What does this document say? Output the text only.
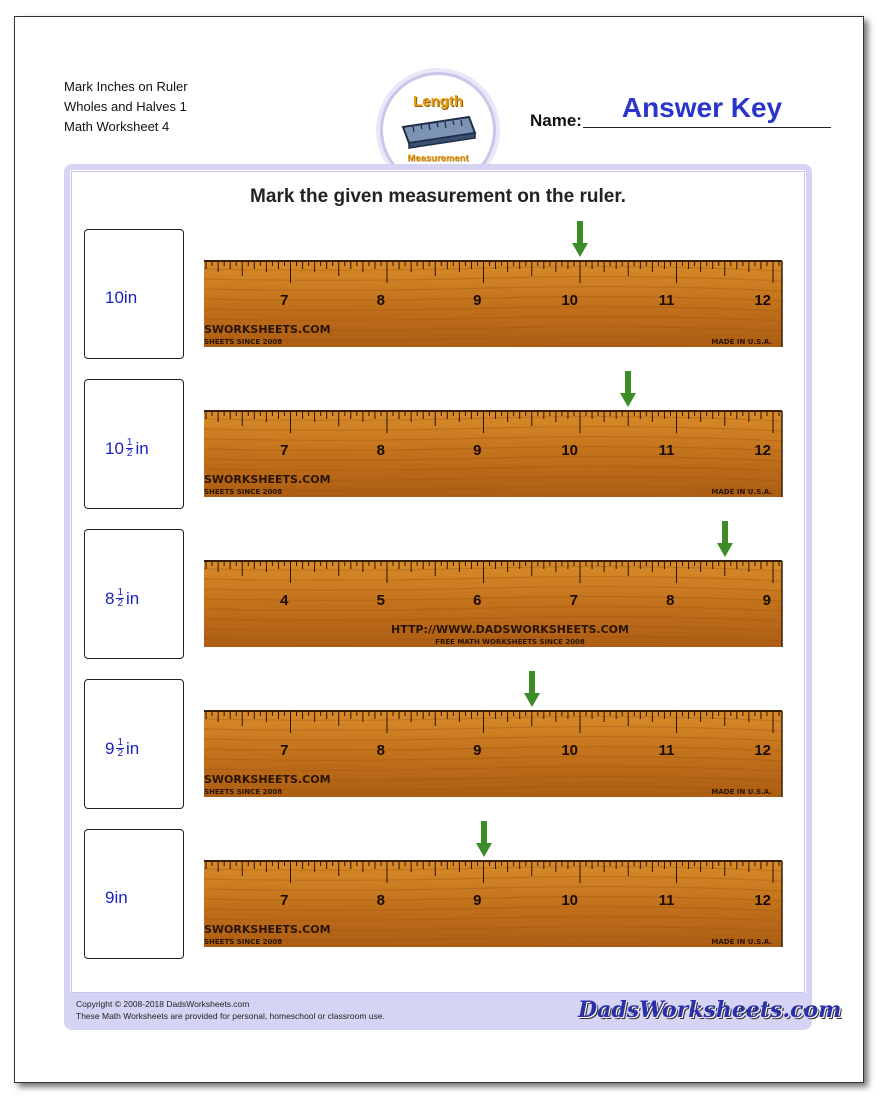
Mark Inches on Ruler
Wholes and Halves 1
Math Worksheet 4
Length
Measurement
Name:	Answer Key
Mark the given measurement on the ruler.
10 in	7	8	9	10	11	12
SWORKSHEETS.COM
SHEETS SINCE 2008	MADE IN U.S.A.
$10 \frac{1}{2}$ in	7	8	9	10	11	12
SWORKSHEETS.COM
SHEETS SINCE 2008	MADE IN U.S.A.
$8 \frac{1}{2}$ in	4	5	6	7	8	9
HTTP://WWW.DADSWORKSHEETS.COM
FREE MATH WORKSHEETS SINCE 2008
$9 \frac{1}{2}$ in	7	8	9	10	11	12
SWORKSHEETS.COM
SHEETS SINCE 2008	MADE IN U.S.A.
9 in	7	8	9	10	11	12
SWORKSHEETS.COM
SHEETS SINCE 2008	MADE IN U.S.A.
Copyright © 2008-2018 DadsWorksheets.com
These Math Worksheets are provided for personal, homeschool or classroom use.	DadsWorksheets.com
